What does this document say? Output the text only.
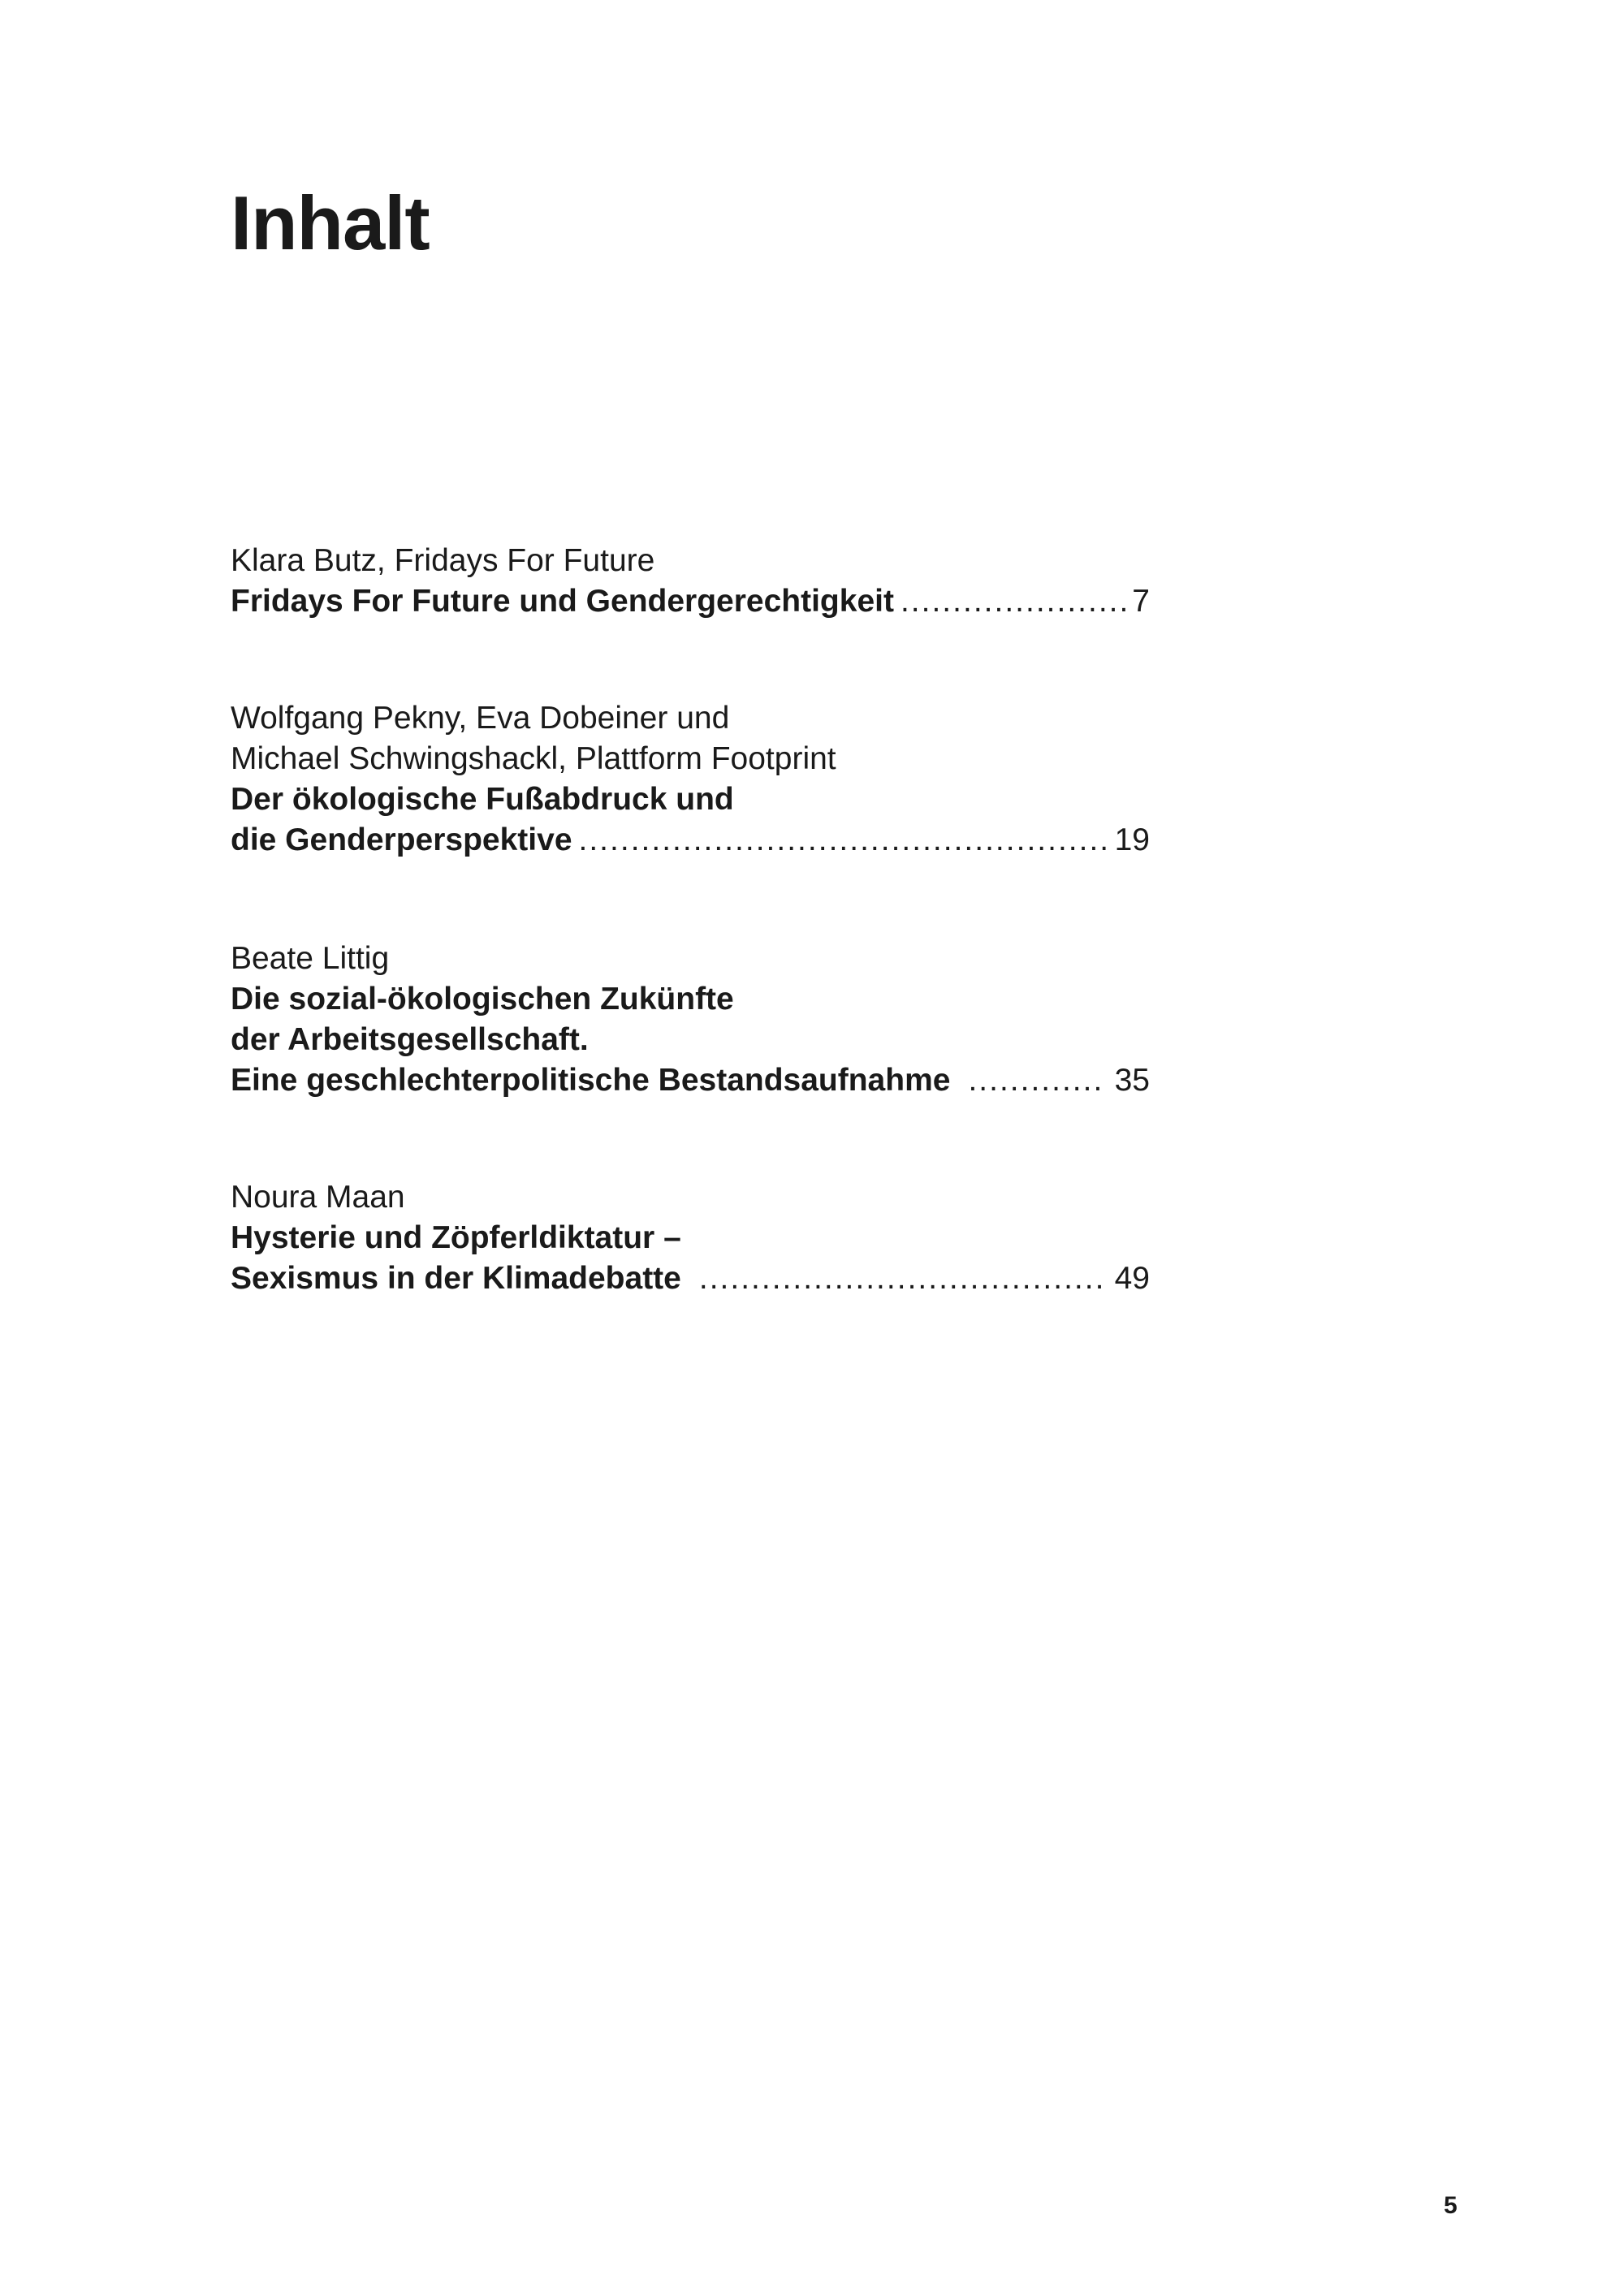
Inhalt
Klara Butz, Fridays For Future
Fridays For Future und Gendergerechtigkeit .....	7
Wolfgang Pekny, Eva Dobeiner und
Michael Schwingshackl, Plattform Footprint
Der ökologische Fußabdruck und
die Genderperspektive .....	19
Beate Littig
Die sozial-ökologischen Zukünfte
der Arbeitsgesellschaft.
Eine geschlechterpolitische Bestandsaufnahme .....	35
Noura Maan
Hysterie und Zöpferldiktatur –
Sexismus in der Klimadebatte .....	49
5
